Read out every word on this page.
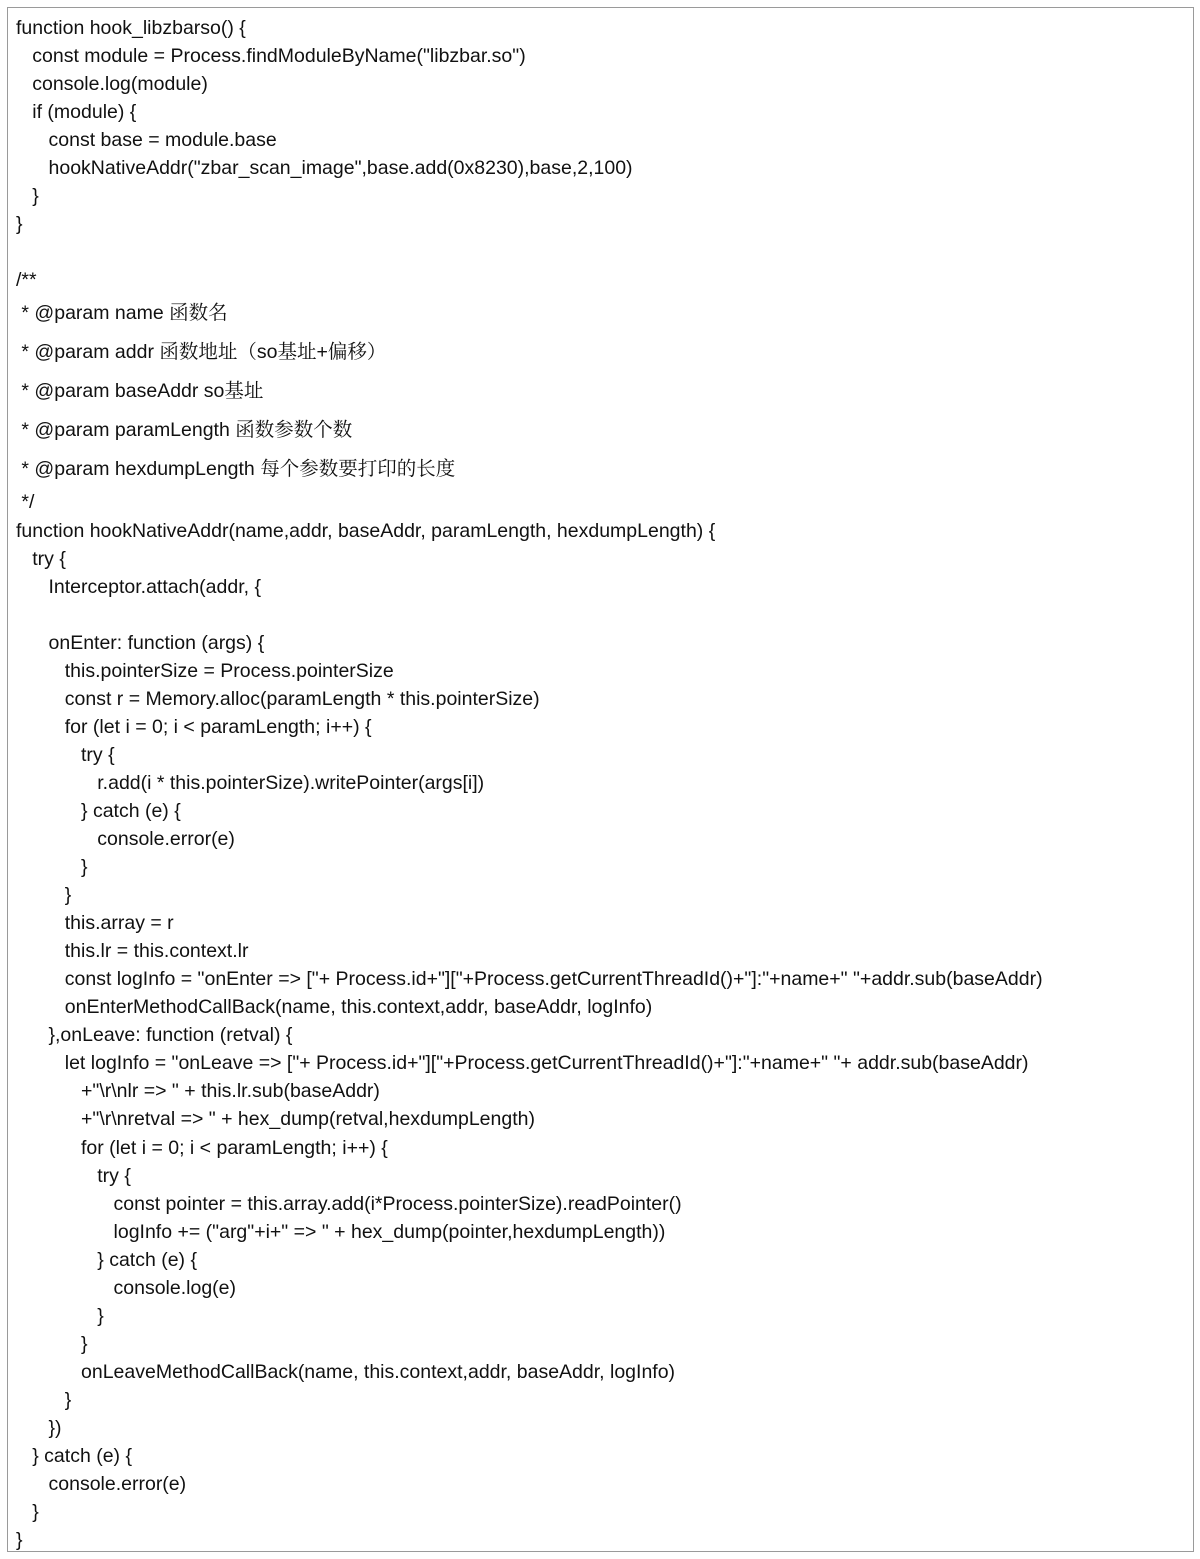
function hook_libzbarso() {
const module = Process.findModuleByName("libzbar.so")
console.log(module)
if (module) {
const base = module.base
hookNativeAddr("zbar_scan_image",base.add(0x8230),base,2,100)
}
}
/**
* @param name 函数名
* @param addr 函数地址（so基址+偏移）
* @param baseAddr so基址
* @param paramLength 函数参数个数
* @param hexdumpLength 每个参数要打印的长度
*/
function hookNativeAddr(name,addr, baseAddr, paramLength, hexdumpLength) {
try {
Interceptor.attach(addr, {
onEnter: function (args) {
this.pointerSize = Process.pointerSize
const r = Memory.alloc(paramLength * this.pointerSize)
for (let i = 0; i < paramLength; i++) {
try {
r.add(i * this.pointerSize).writePointer(args[i])
} catch (e) {
console.error(e)
}
}
this.array = r
this.lr = this.context.lr
const logInfo = "onEnter => ["+ Process.id+"]["+Process.getCurrentThreadId()+"]:"+name+" "+addr.sub(baseAddr)
onEnterMethodCallBack(name, this.context,addr, baseAddr, logInfo)
},onLeave: function (retval) {
let logInfo = "onLeave => ["+ Process.id+"]["+Process.getCurrentThreadId()+"]:"+name+" "+ addr.sub(baseAddr)
+"\r\nlr => " + this.lr.sub(baseAddr)
+"\r\nretval => " + hex_dump(retval,hexdumpLength)
for (let i = 0; i < paramLength; i++) {
try {
const pointer = this.array.add(i*Process.pointerSize).readPointer()
logInfo += ("arg"+i+" => " + hex_dump(pointer,hexdumpLength))
} catch (e) {
console.log(e)
}
}
onLeaveMethodCallBack(name, this.context,addr, baseAddr, logInfo)
}
})
} catch (e) {
console.error(e)
}
}
